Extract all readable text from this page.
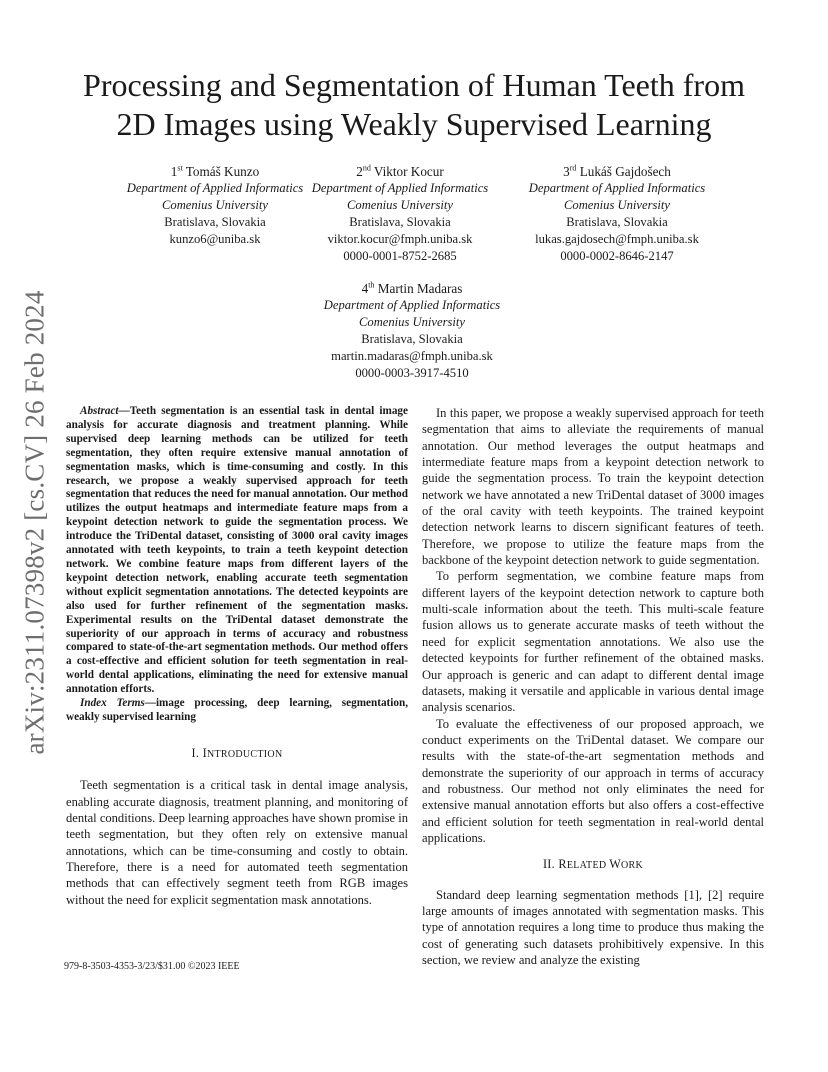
arXiv:2311.07398v2 [cs.CV] 26 Feb 2024
Processing and Segmentation of Human Teeth from 2D Images using Weakly Supervised Learning
1st Tomáš Kunzo
Department of Applied Informatics
Comenius University
Bratislava, Slovakia
kunzo6@uniba.sk
2nd Viktor Kocur
Department of Applied Informatics
Comenius University
Bratislava, Slovakia
viktor.kocur@fmph.uniba.sk
0000-0001-8752-2685
3rd Lukáš Gajdošech
Department of Applied Informatics
Comenius University
Bratislava, Slovakia
lukas.gajdosech@fmph.uniba.sk
0000-0002-8646-2147
4th Martin Madaras
Department of Applied Informatics
Comenius University
Bratislava, Slovakia
martin.madaras@fmph.uniba.sk
0000-0003-3917-4510

Abstract—Teeth segmentation is an essential task in dental image analysis for accurate diagnosis and treatment planning. While supervised deep learning methods can be utilized for teeth segmentation, they often require extensive manual annotation of segmentation masks, which is time-consuming and costly. In this research, we propose a weakly supervised approach for teeth segmentation that reduces the need for manual annotation. Our method utilizes the output heatmaps and intermediate feature maps from a keypoint detection network to guide the segmentation process. We introduce the TriDental dataset, consisting of 3000 oral cavity images annotated with teeth keypoints, to train a teeth keypoint detection network. We combine feature maps from different layers of the keypoint detection network, enabling accurate teeth segmentation without explicit segmentation annotations. The detected keypoints are also used for further refinement of the segmentation masks. Experimental results on the TriDental dataset demonstrate the superiority of our approach in terms of accuracy and robustness compared to state-of-the-art segmentation methods. Our method offers a cost-effective and efficient solution for teeth segmentation in real-world dental applications, eliminating the need for extensive manual annotation efforts.

Index Terms—image processing, deep learning, segmentation, weakly supervised learning

I. INTRODUCTION

Teeth segmentation is a critical task in dental image analysis, enabling accurate diagnosis, treatment planning, and monitoring of dental conditions. Deep learning approaches have shown promise in teeth segmentation, but they often rely on extensive manual annotations, which can be time-consuming and costly to obtain. Therefore, there is a need for automated teeth segmentation methods that can effectively segment teeth from RGB images without the need for explicit segmentation mask annotations.

In this paper, we propose a weakly supervised approach for teeth segmentation that aims to alleviate the requirements of manual annotation. Our method leverages the output heatmaps and intermediate feature maps from a keypoint detection network to guide the segmentation process. To train the keypoint detection network we have annotated a new TriDental dataset of 3000 images of the oral cavity with teeth keypoints. The trained keypoint detection network learns to discern significant features of teeth. Therefore, we propose to utilize the feature maps from the backbone of the keypoint detection network to guide segmentation.

To perform segmentation, we combine feature maps from different layers of the keypoint detection network to capture both multi-scale information about the teeth. This multi-scale feature fusion allows us to generate accurate masks of teeth without the need for explicit segmentation annotations. We also use the detected keypoints for further refinement of the obtained masks. Our approach is generic and can adapt to different dental image datasets, making it versatile and applicable in various dental image analysis scenarios.

To evaluate the effectiveness of our proposed approach, we conduct experiments on the TriDental dataset. We compare our results with the state-of-the-art segmentation methods and demonstrate the superiority of our approach in terms of accuracy and robustness. Our method not only eliminates the need for extensive manual annotation efforts but also offers a cost-effective and efficient solution for teeth segmentation in real-world dental applications.

II. RELATED WORK

Standard deep learning segmentation methods [1], [2] require large amounts of images annotated with segmentation masks. This type of annotation requires a long time to produce thus making the cost of generating such datasets prohibitively expensive. In this section, we review and analyze the existing

979-8-3503-4353-3/23/$31.00 ©2023 IEEE
